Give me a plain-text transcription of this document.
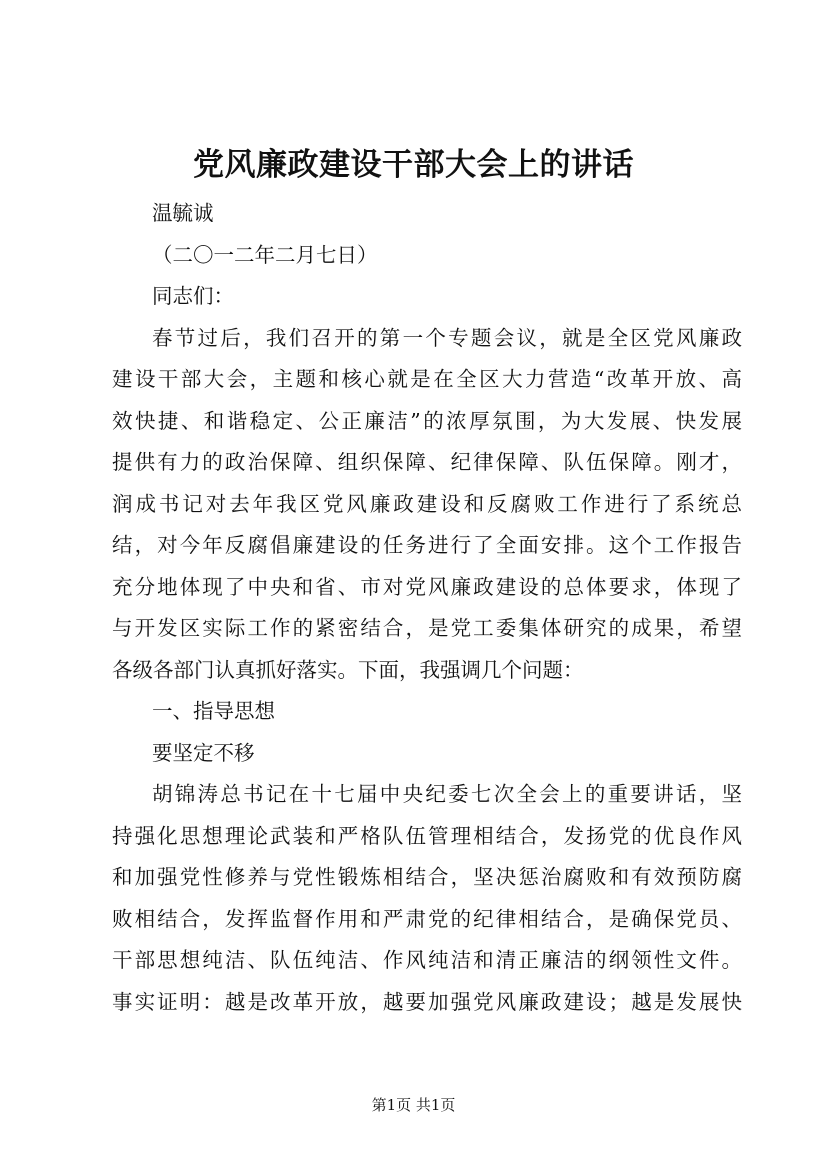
党风廉政建设干部大会上的讲话
温毓诚
（二〇一二年二月七日）
同志们：
春节过后，我们召开的第一个专题会议，就是全区党风廉政
建设干部大会，主题和核心就是在全区大力营造“改革开放、高
效快捷、和谐稳定、公正廉洁”的浓厚氛围，为大发展、快发展
提供有力的政治保障、组织保障、纪律保障、队伍保障。刚才，
润成书记对去年我区党风廉政建设和反腐败工作进行了系统总
结，对今年反腐倡廉建设的任务进行了全面安排。这个工作报告
充分地体现了中央和省、市对党风廉政建设的总体要求，体现了
与开发区实际工作的紧密结合，是党工委集体研究的成果，希望
各级各部门认真抓好落实。下面，我强调几个问题：
一、指导思想
要坚定不移
胡锦涛总书记在十七届中央纪委七次全会上的重要讲话，坚
持强化思想理论武装和严格队伍管理相结合，发扬党的优良作风
和加强党性修养与党性锻炼相结合，坚决惩治腐败和有效预防腐
败相结合，发挥监督作用和严肃党的纪律相结合，是确保党员、
干部思想纯洁、队伍纯洁、作风纯洁和清正廉洁的纲领性文件。
事实证明：越是改革开放，越要加强党风廉政建设；越是发展快
第1页 共1页
